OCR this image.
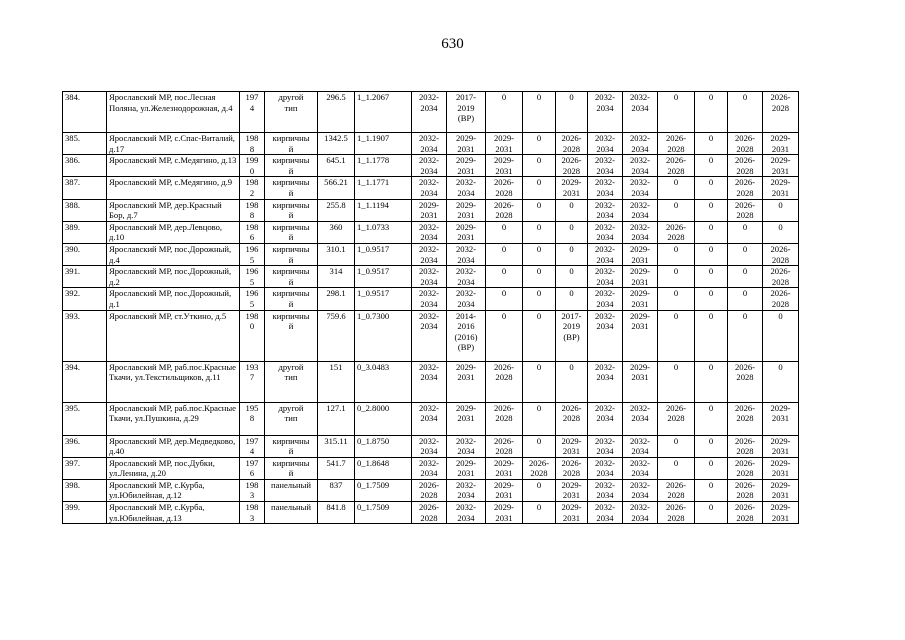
630
384.	Ярославский МР, пос.Лесная Поляна, ул.Железнодорожная, д.4	197
4	другой
тип	296.5	1_1.2067	2032-
2034	2017-
2019
(ВР)	0	0	0	2032-
2034	2032-
2034	0	0	0	2026-
2028
385.	Ярославский МР, с.Спас-Виталий, д.17	198
8	кирпичны
й	1342.5	1_1.1907	2032-
2034	2029-
2031	2029-
2031	0	2026-
2028	2032-
2034	2032-
2034	2026-
2028	0	2026-
2028	2029-
2031
386.	Ярославский МР, с.Медягино, д.13	199
0	кирпичны
й	645.1	1_1.1778	2032-
2034	2029-
2031	2029-
2031	0	2026-
2028	2032-
2034	2032-
2034	2026-
2028	0	2026-
2028	2029-
2031
387.	Ярославский МР, с.Медягино, д.9	198
2	кирпичны
й	566.21	1_1.1771	2032-
2034	2032-
2034	2026-
2028	0	2029-
2031	2032-
2034	2032-
2034	0	0	2026-
2028	2029-
2031
388.	Ярославский МР, дер.Красный Бор, д.7	198
8	кирпичны
й	255.8	1_1.1194	2029-
2031	2029-
2031	2026-
2028	0	0	2032-
2034	2032-
2034	0	0	2026-
2028	0
389.	Ярославский МР, дер.Левцово, д.10	198
6	кирпичны
й	360	1_1.0733	2032-
2034	2029-
2031	0	0	0	2032-
2034	2032-
2034	2026-
2028	0	0	0
390.	Ярославский МР, пос.Дорожный, д.4	196
5	кирпичны
й	310.1	1_0.9517	2032-
2034	2032-
2034	0	0	0	2032-
2034	2029-
2031	0	0	0	2026-
2028
391.	Ярославский МР, пос.Дорожный, д.2	196
5	кирпичны
й	314	1_0.9517	2032-
2034	2032-
2034	0	0	0	2032-
2034	2029-
2031	0	0	0	2026-
2028
392.	Ярославский МР, пос.Дорожный, д.1	196
5	кирпичны
й	298.1	1_0.9517	2032-
2034	2032-
2034	0	0	0	2032-
2034	2029-
2031	0	0	0	2026-
2028
393.	Ярославский МР, ст.Уткино, д.5	198
0	кирпичны
й	759.6	1_0.7300	2032-
2034	2014-
2016
(2016)
(ВР)	0	0	2017-
2019
(ВР)	2032-
2034	2029-
2031	0	0	0	0
394.	Ярославский МР, раб.пос.Красные Ткачи, ул.Текстильщиков, д.11	193
7	другой
тип	151	0_3.0483	2032-
2034	2029-
2031	2026-
2028	0	0	2032-
2034	2029-
2031	0	0	2026-
2028	0
395.	Ярославский МР, раб.пос.Красные Ткачи, ул.Пушкина, д.29	195
8	другой
тип	127.1	0_2.8000	2032-
2034	2029-
2031	2026-
2028	0	2026-
2028	2032-
2034	2032-
2034	2026-
2028	0	2026-
2028	2029-
2031
396.	Ярославский МР, дер.Медведково, д.40	197
4	кирпичны
й	315.11	0_1.8750	2032-
2034	2032-
2034	2026-
2028	0	2029-
2031	2032-
2034	2032-
2034	0	0	2026-
2028	2029-
2031
397.	Ярославский МР, пос.Дубки, ул.Ленина, д.20	197
6	кирпичны
й	541.7	0_1.8648	2032-
2034	2029-
2031	2029-
2031	2026-
2028	2026-
2028	2032-
2034	2032-
2034	0	0	2026-
2028	2029-
2031
398.	Ярославский МР, с.Курба, ул.Юбилейная, д.12	198
3	панельный	837	0_1.7509	2026-
2028	2032-
2034	2029-
2031	0	2029-
2031	2032-
2034	2032-
2034	2026-
2028	0	2026-
2028	2029-
2031
399.	Ярославский МР, с.Курба, ул.Юбилейная, д.13	198
3	панельный	841.8	0_1.7509	2026-
2028	2032-
2034	2029-
2031	0	2029-
2031	2032-
2034	2032-
2034	2026-
2028	0	2026-
2028	2029-
2031
